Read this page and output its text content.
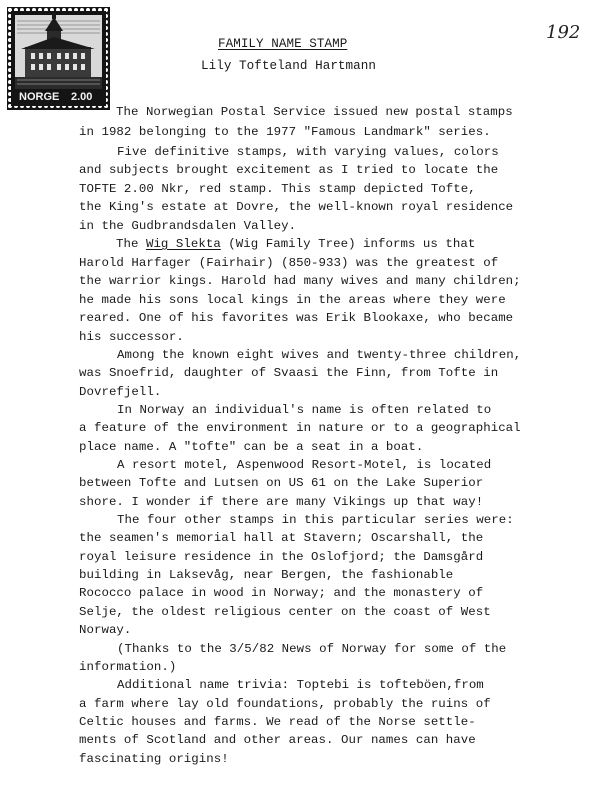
192
NORGE 2.00
FAMILY NAME STAMP
Lily Tofteland Hartmann
The Norwegian Postal Service issued new postal stamps
in 1982 belonging to the 1977 "Famous Landmark" series.
Five definitive stamps, with varying values, colors
and subjects brought excitement as I tried to locate the
TOFTE 2.00 Nkr, red stamp. This stamp depicted Tofte,
the King's estate at Dovre, the well-known royal residence
in the Gudbrandsdalen Valley.
The Wig Slekta (Wig Family Tree) informs us that
Harold Harfager (Fairhair) (850-933) was the greatest of
the warrior kings. Harold had many wives and many children;
he made his sons local kings in the areas where they were
reared. One of his favorites was Erik Blookaxe, who became
his successor.
Among the known eight wives and twenty-three children,
was Snoefrid, daughter of Svaasi the Finn, from Tofte in
Dovrefjell.
In Norway an individual's name is often related to
a feature of the environment in nature or to a geographical
place name. A "tofte" can be a seat in a boat.
A resort motel, Aspenwood Resort-Motel, is located
between Tofte and Lutsen on US 61 on the Lake Superior
shore. I wonder if there are many Vikings up that way!
The four other stamps in this particular series were:
the seamen's memorial hall at Stavern; Oscarshall, the
royal leisure residence in the Oslofjord; the Damsgård
building in Laksevåg, near Bergen, the fashionable
Rococco palace in wood in Norway; and the monastery of
Selje, the oldest religious center on the coast of West
Norway.
(Thanks to the 3/5/82 News of Norway for some of the
information.)
Additional name trivia: Toptebi is tofteböen,from
a farm where lay old foundations, probably the ruins of
Celtic houses and farms. We read of the Norse settle-
ments of Scotland and other areas. Our names can have
fascinating origins!
